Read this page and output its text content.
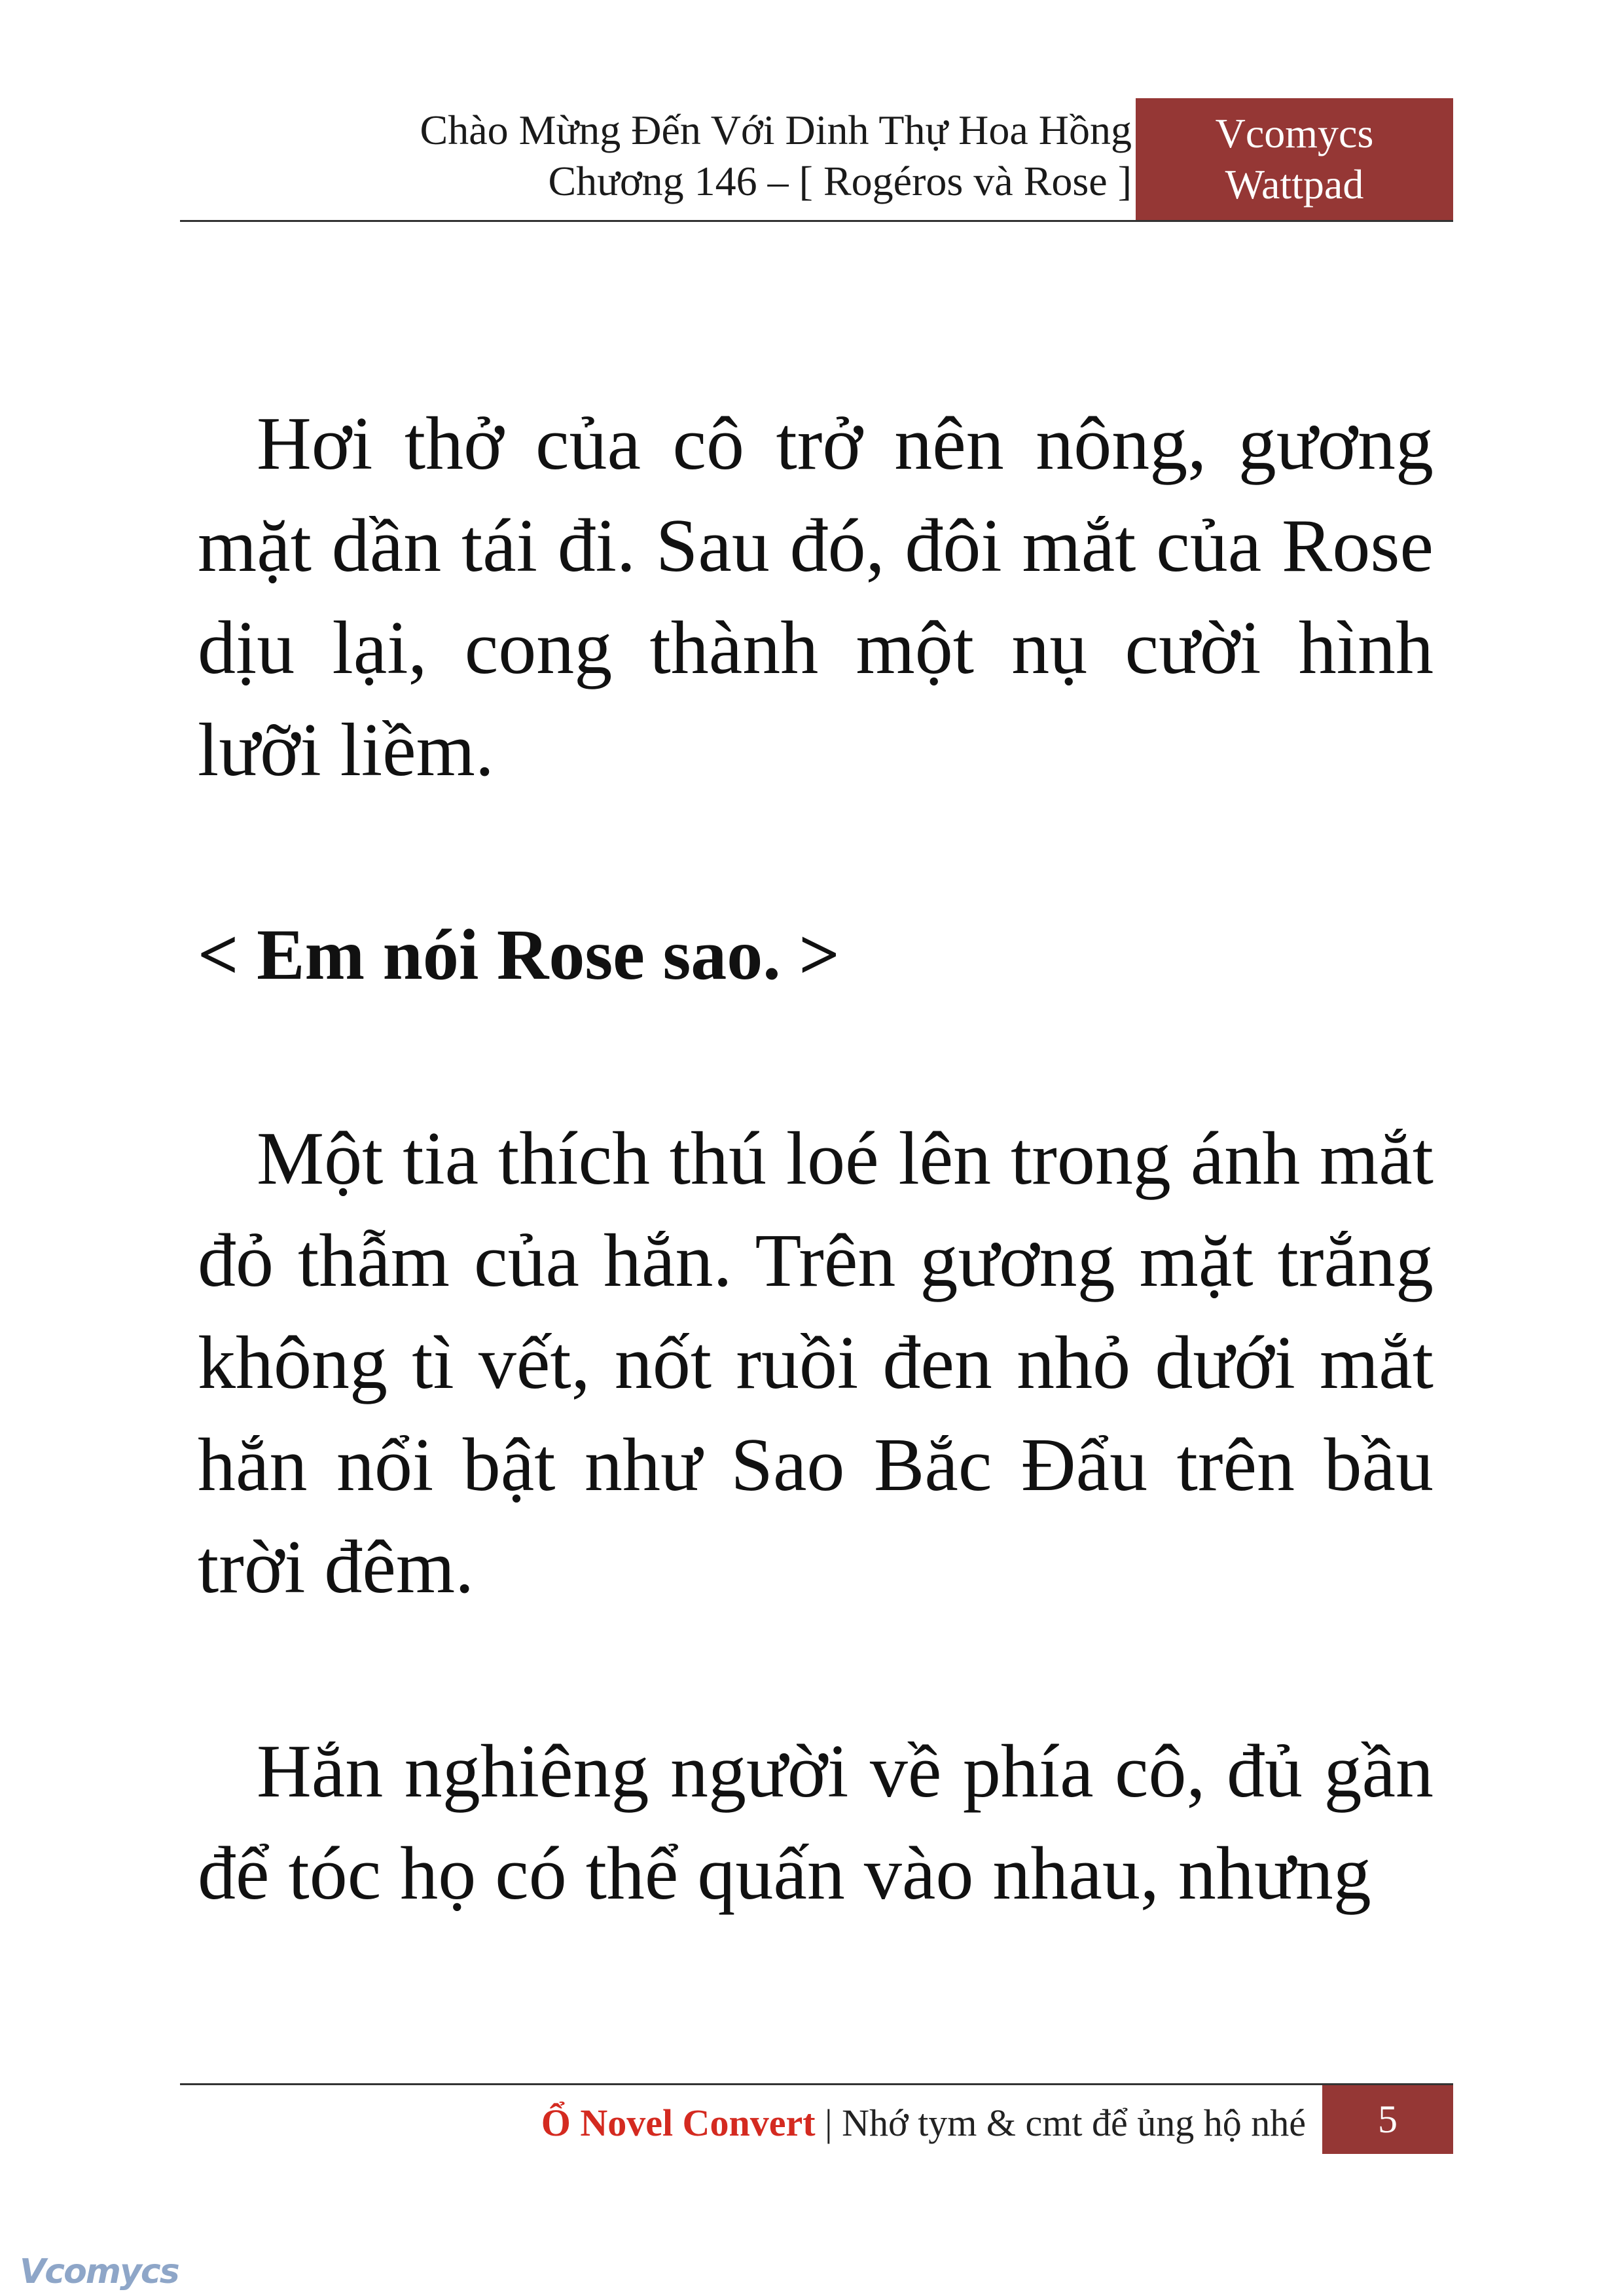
Chào Mừng Đến Với Dinh Thự Hoa Hồng
Chương 146 – [ Rogéros và Rose ]
Vcomycs
Wattpad

Hơi thở của cô trở nên nông, gương mặt dần tái đi. Sau đó, đôi mắt của Rose dịu lại, cong thành một nụ cười hình lưỡi liềm.

< Em nói Rose sao. >

Một tia thích thú loé lên trong ánh mắt đỏ thẫm của hắn. Trên gương mặt trắng không tì vết, nốt ruồi đen nhỏ dưới mắt hắn nổi bật như Sao Bắc Đẩu trên bầu trời đêm.

Hắn nghiêng người về phía cô, đủ gần để tóc họ có thể quấn vào nhau, nhưng

Ổ Novel Convert | Nhớ tym & cmt để ủng hộ nhé	5
Vcomycs
